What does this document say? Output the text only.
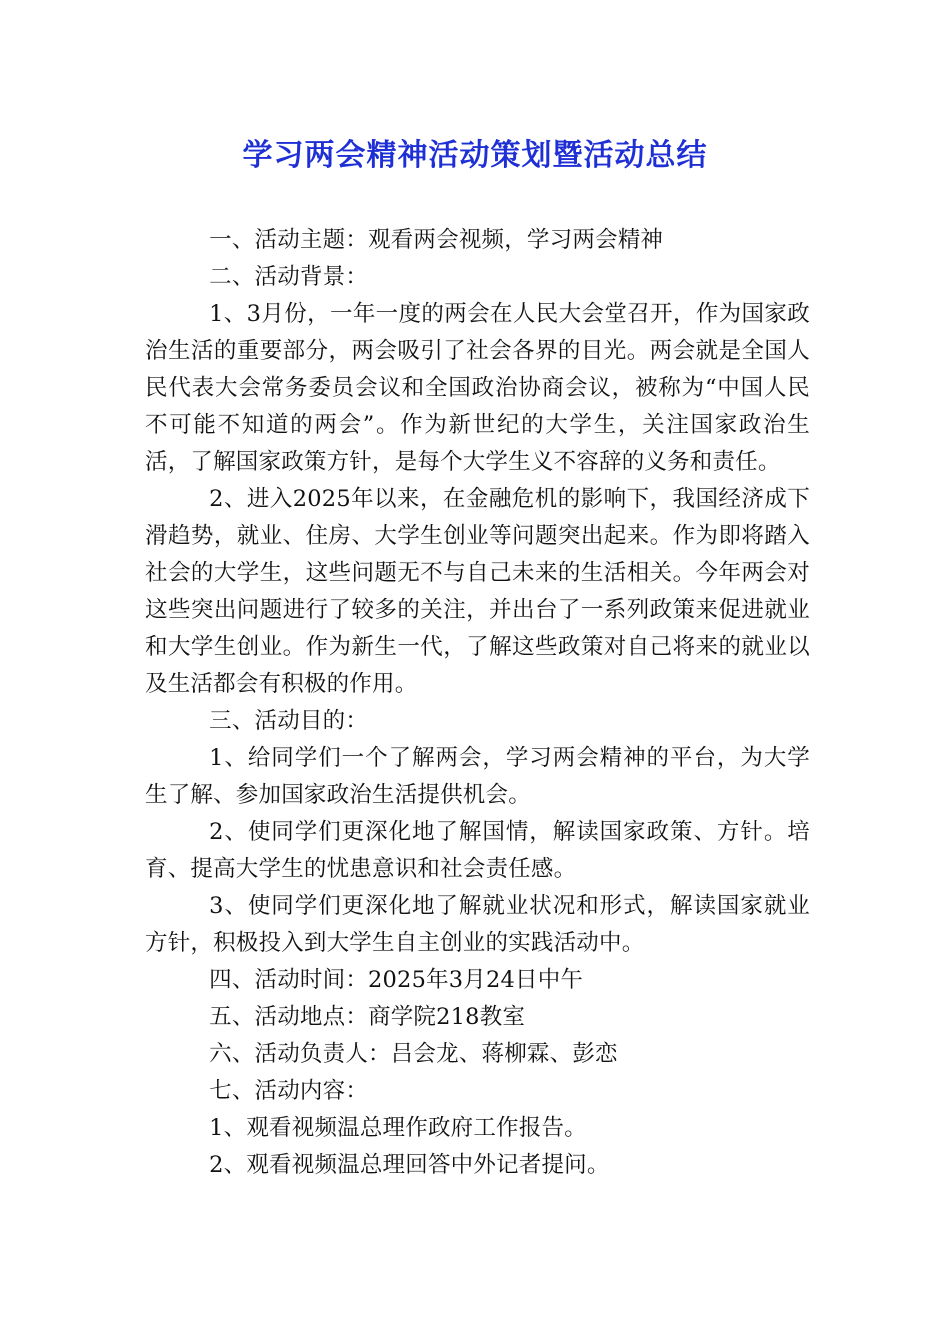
学习两会精神活动策划暨活动总结

一、活动主题：观看两会视频，学习两会精神

二、活动背景：

1、3月份，一年一度的两会在人民大会堂召开，作为国家政治生活的重要部分，两会吸引了社会各界的目光。两会就是全国人民代表大会常务委员会议和全国政治协商会议，被称为“中国人民不可能不知道的两会”。作为新世纪的大学生，关注国家政治生活，了解国家政策方针，是每个大学生义不容辞的义务和责任。

2、进入2025年以来，在金融危机的影响下，我国经济成下滑趋势，就业、住房、大学生创业等问题突出起来。作为即将踏入社会的大学生，这些问题无不与自己未来的生活相关。今年两会对这些突出问题进行了较多的关注，并出台了一系列政策来促进就业和大学生创业。作为新生一代，了解这些政策对自己将来的就业以及生活都会有积极的作用。

三、活动目的：

1、给同学们一个了解两会，学习两会精神的平台，为大学生了解、参加国家政治生活提供机会。

2、使同学们更深化地了解国情，解读国家政策、方针。培育、提高大学生的忧患意识和社会责任感。

3、使同学们更深化地了解就业状况和形式，解读国家就业方针，积极投入到大学生自主创业的实践活动中。

四、活动时间：2025年3月24日中午

五、活动地点：商学院218教室

六、活动负责人：吕会龙、蒋柳霖、彭恋

七、活动内容：

1、观看视频温总理作政府工作报告。

2、观看视频温总理回答中外记者提问。
